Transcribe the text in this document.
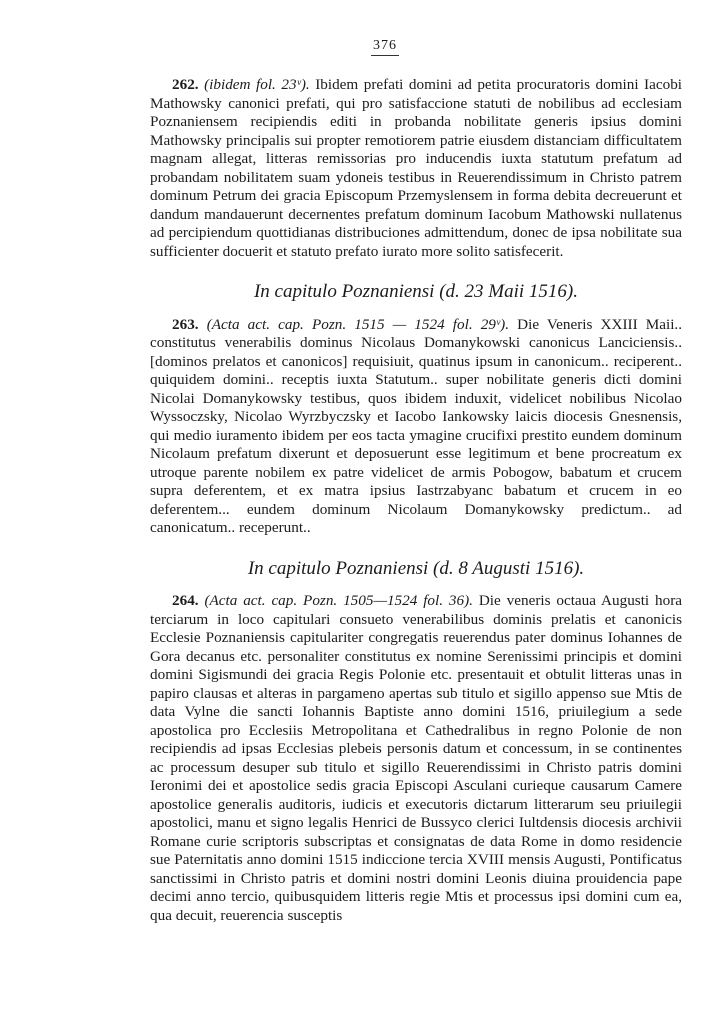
376

262. (ibidem fol. 23ᵛ). Ibidem prefati domini ad petita procuratoris domini Iacobi Mathowsky canonici prefati, qui pro satisfaccione statuti de nobilibus ad ecclesiam Poznaniensem recipiendis editi in probanda nobilitate generis ipsius domini Mathowsky principalis sui propter remotiorem patrie eiusdem distanciam difficultatem magnam allegat, litteras remissorias pro inducendis iuxta statutum prefatum ad probandam nobilitatem suam ydoneis testibus in Reuerendissimum in Christo patrem dominum Petrum dei gracia Episcopum Przemyslensem in forma debita decreuerunt et dandum mandauerunt decernentes prefatum dominum Iacobum Mathowski nullatenus ad percipiendum quottidianas distribuciones admittendum, donec de ipsa nobilitate sua sufficienter docuerit et statuto prefato iurato more solito satisfecerit.

In capitulo Poznaniensi (d. 23 Maii 1516).

263. (Acta act. cap. Pozn. 1515 — 1524 fol. 29ᵛ). Die Veneris XXIII Maii.. constitutus venerabilis dominus Nicolaus Domanykowski canonicus Lanciciensis.. [dominos prelatos et canonicos] requisiuit, quatinus ipsum in canonicum.. reciperent.. quiquidem domini.. receptis iuxta Statutum.. super nobilitate generis dicti domini Nicolai Domanykowsky testibus, quos ibidem induxit, videlicet nobilibus Nicolao Wyssoczsky, Nicolao Wyrzbyczsky et Iacobo Iankowsky laicis diocesis Gnesnensis, qui medio iuramento ibidem per eos tacta ymagine crucifixi prestito eundem dominum Nicolaum prefatum dixerunt et deposuerunt esse legitimum et bene procreatum ex utroque parente nobilem ex patre videlicet de armis Pobogow, babatum et crucem supra deferentem, et ex matra ipsius Iastrzabyanc babatum et crucem in eo deferentem... eundem dominum Nicolaum Domanykowsky predictum.. ad canonicatum.. receperunt..

In capitulo Poznaniensi (d. 8 Augusti 1516).

264. (Acta act. cap. Pozn. 1505—1524 fol. 36). Die veneris octaua Augusti hora terciarum in loco capitulari consueto venerabilibus dominis prelatis et canonicis Ecclesie Poznaniensis capitulariter congregatis reuerendus pater dominus Iohannes de Gora decanus etc. personaliter constitutus ex nomine Serenissimi principis et domini domini Sigismundi dei gracia Regis Polonie etc. presentauit et obtulit litteras unas in papiro clausas et alteras in pargameno apertas sub titulo et sigillo appenso sue Mtis de data Vylne die sancti Iohannis Baptiste anno domini 1516, priuilegium a sede apostolica pro Ecclesiis Metropolitana et Cathedralibus in regno Polonie de non recipiendis ad ipsas Ecclesias plebeis personis datum et concessum, in se continentes ac processum desuper sub titulo et sigillo Reuerendissimi in Christo patris domini Ieronimi dei et apostolice sedis gracia Episcopi Asculani curieque causarum Camere apostolice generalis auditoris, iudicis et executoris dictarum litterarum seu priuilegii apostolici, manu et signo legalis Henrici de Bussyco clerici Iultdensis diocesis archivii Romane curie scriptoris subscriptas et consignatas de data Rome in domo residencie sue Paternitatis anno domini 1515 indiccione tercia XVIII mensis Augusti, Pontificatus sanctissimi in Christo patris et domini nostri domini Leonis diuina prouidencia pape decimi anno tercio, quibusquidem litteris regie Mtis et processus ipsi domini cum ea, qua decuit, reuerencia susceptis
